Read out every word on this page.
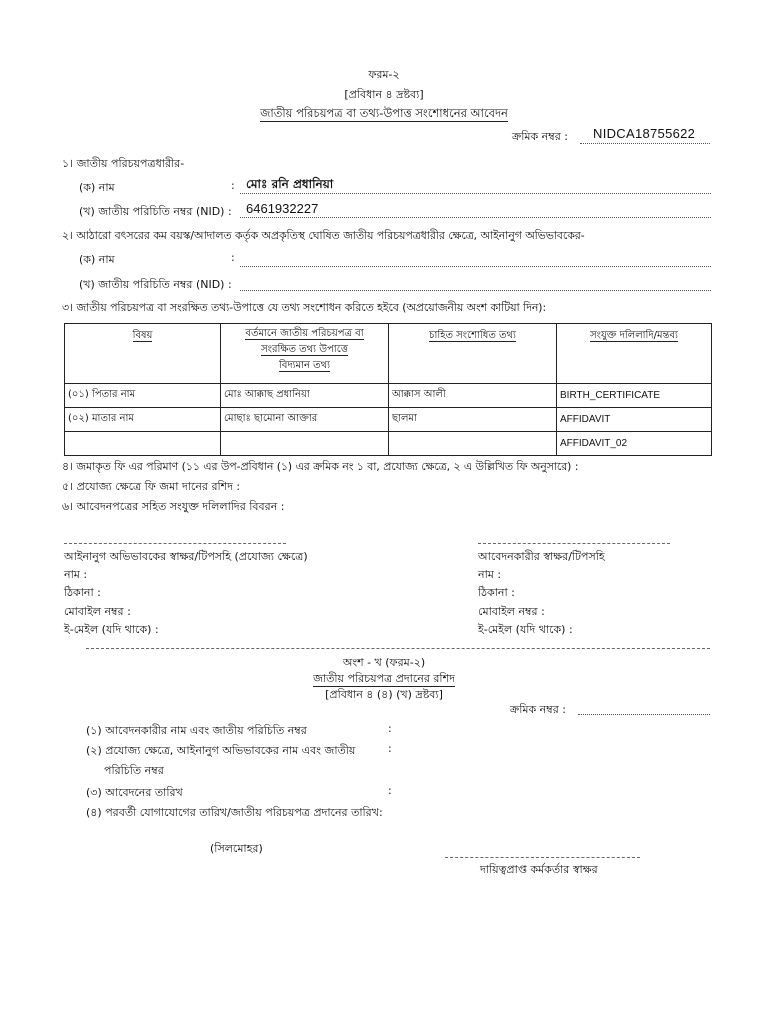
ফরম-২
[প্রবিধান ৪ দ্রষ্টব্য]
জাতীয় পরিচয়পত্র বা তথ্য-উপাত্ত সংশোধনের আবেদন
ক্রমিক নম্বর : NIDCA18755622
১। জাতীয় পরিচয়পত্রধারীর-
(ক) নাম	: মোঃ রনি প্রধানিয়া
(খ) জাতীয় পরিচিতি নম্বর (NID) : 6461932227
২। আঠারো বৎসরের কম বয়স্ক/আদালত কর্তৃক অপ্রকৃতিস্থ ঘোষিত জাতীয় পরিচয়পত্রধারীর ক্ষেত্রে, আইনানুগ অভিভাবকের-
(ক) নাম	:
(খ) জাতীয় পরিচিতি নম্বর (NID) :
৩। জাতীয় পরিচয়পত্র বা সংরক্ষিত তথ্য-উপাত্তে যে তথ্য সংশোধন করিতে হইবে (অপ্রয়োজনীয় অংশ কাটিয়া দিন):
বিষয়	বর্তমানে জাতীয় পরিচয়পত্র বা
সংরক্ষিত তথ্য উপাত্তে
বিদ্যমান তথ্য	চাহিত সংশোধিত তথ্য	সংযুক্ত দলিলাদি/মন্তব্য
(০১) পিতার নাম	মোঃ আক্কাছ প্রধানিয়া	আক্কাস আলী	BIRTH_CERTIFICATE
(০২) মাতার নাম	মোছাঃ ছামোনা আক্তার	ছালমা	AFFIDAVIT
			AFFIDAVIT_02
৪। জমাকৃত ফি এর পরিমাণ (১১ এর উপ-প্রবিধান (১) এর ক্রমিক নং ১ বা, প্রযোজ্য ক্ষেত্রে, ২ এ উল্লিখিত ফি অনুসারে) :
৫। প্রযোজ্য ক্ষেত্রে ফি জমা দানের রশিদ :
৬। আবেদনপত্রের সহিত সংযুক্ত দলিলাদির বিবরন :
আইনানুগ অভিভাবকের স্বাক্ষর/টিপসহি (প্রযোজ্য ক্ষেত্রে)
নাম :
ঠিকানা :
মোবাইল নম্বর :
ই-মেইল (যদি থাকে) :
আবেদনকারীর স্বাক্ষর/টিপসহি
নাম :
ঠিকানা :
মোবাইল নম্বর :
ই-মেইল (যদি থাকে) :
অংশ - খ (ফরম-২)
জাতীয় পরিচয়পত্র প্রদানের রশিদ
[প্রবিধান ৪ (৪) (খ) দ্রষ্টব্য]
ক্রমিক নম্বর :
(১) আবেদনকারীর নাম এবং জাতীয় পরিচিতি নম্বর	:
(২) প্রযোজ্য ক্ষেত্রে, আইনানুগ অভিভাবকের নাম এবং জাতীয়	:
পরিচিতি নম্বর
(৩) আবেদনের তারিখ	:
(৪) পরবর্তী যোগাযোগের তারিখ/জাতীয় পরিচয়পত্র প্রদানের তারিখ:
(সিলমোহর)
দায়িত্বপ্রাপ্ত কর্মকর্তার স্বাক্ষর
